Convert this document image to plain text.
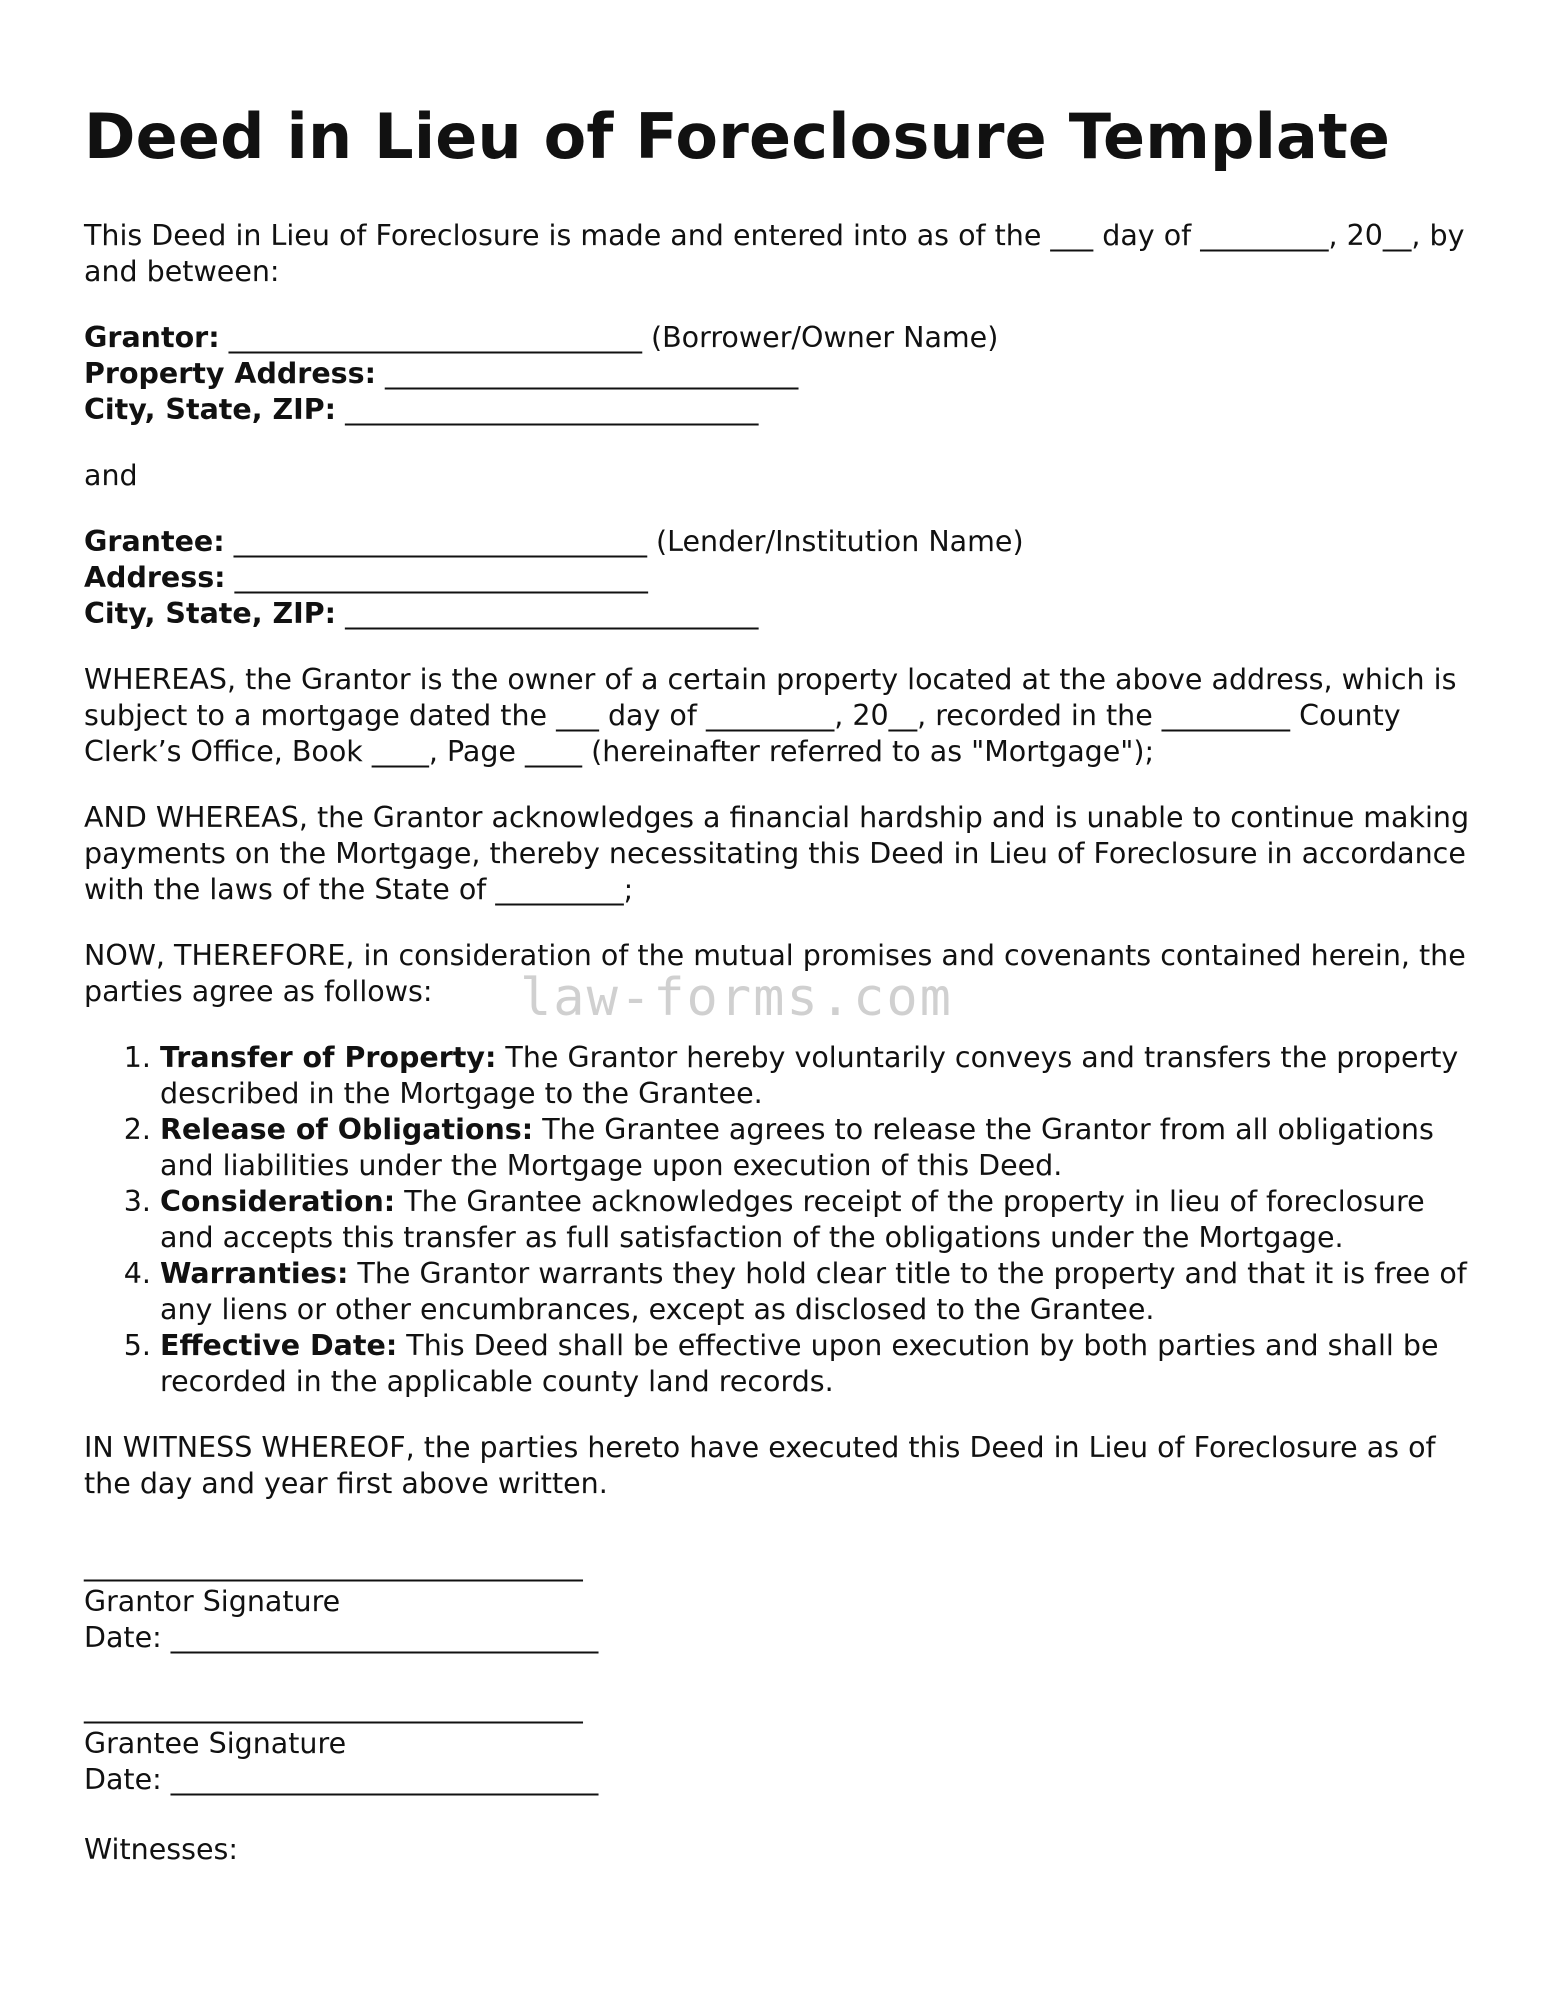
Deed in Lieu of Foreclosure Template

This Deed in Lieu of Foreclosure is made and entered into as of the ___ day of _________, 20__, by and between:

Grantor: _____________________________ (Borrower/Owner Name)
Property Address: _____________________________
City, State, ZIP: _____________________________

and

Grantee: _____________________________ (Lender/Institution Name)
Address: _____________________________
City, State, ZIP: _____________________________

WHEREAS, the Grantor is the owner of a certain property located at the above address, which is subject to a mortgage dated the ___ day of _________, 20__, recorded in the _________ County Clerk’s Office, Book ____, Page ____ (hereinafter referred to as "Mortgage");

AND WHEREAS, the Grantor acknowledges a financial hardship and is unable to continue making payments on the Mortgage, thereby necessitating this Deed in Lieu of Foreclosure in accordance with the laws of the State of _________;

NOW, THEREFORE, in consideration of the mutual promises and covenants contained herein, the parties agree as follows:

1. Transfer of Property: The Grantor hereby voluntarily conveys and transfers the property described in the Mortgage to the Grantee.
2. Release of Obligations: The Grantee agrees to release the Grantor from all obligations and liabilities under the Mortgage upon execution of this Deed.
3. Consideration: The Grantee acknowledges receipt of the property in lieu of foreclosure and accepts this transfer as full satisfaction of the obligations under the Mortgage.
4. Warranties: The Grantor warrants they hold clear title to the property and that it is free of any liens or other encumbrances, except as disclosed to the Grantee.
5. Effective Date: This Deed shall be effective upon execution by both parties and shall be recorded in the applicable county land records.

IN WITNESS WHEREOF, the parties hereto have executed this Deed in Lieu of Foreclosure as of the day and year first above written.

___________________________________
Grantor Signature
Date: ______________________________
___________________________________
Grantee Signature
Date: ______________________________

Witnesses:

law-forms.com
